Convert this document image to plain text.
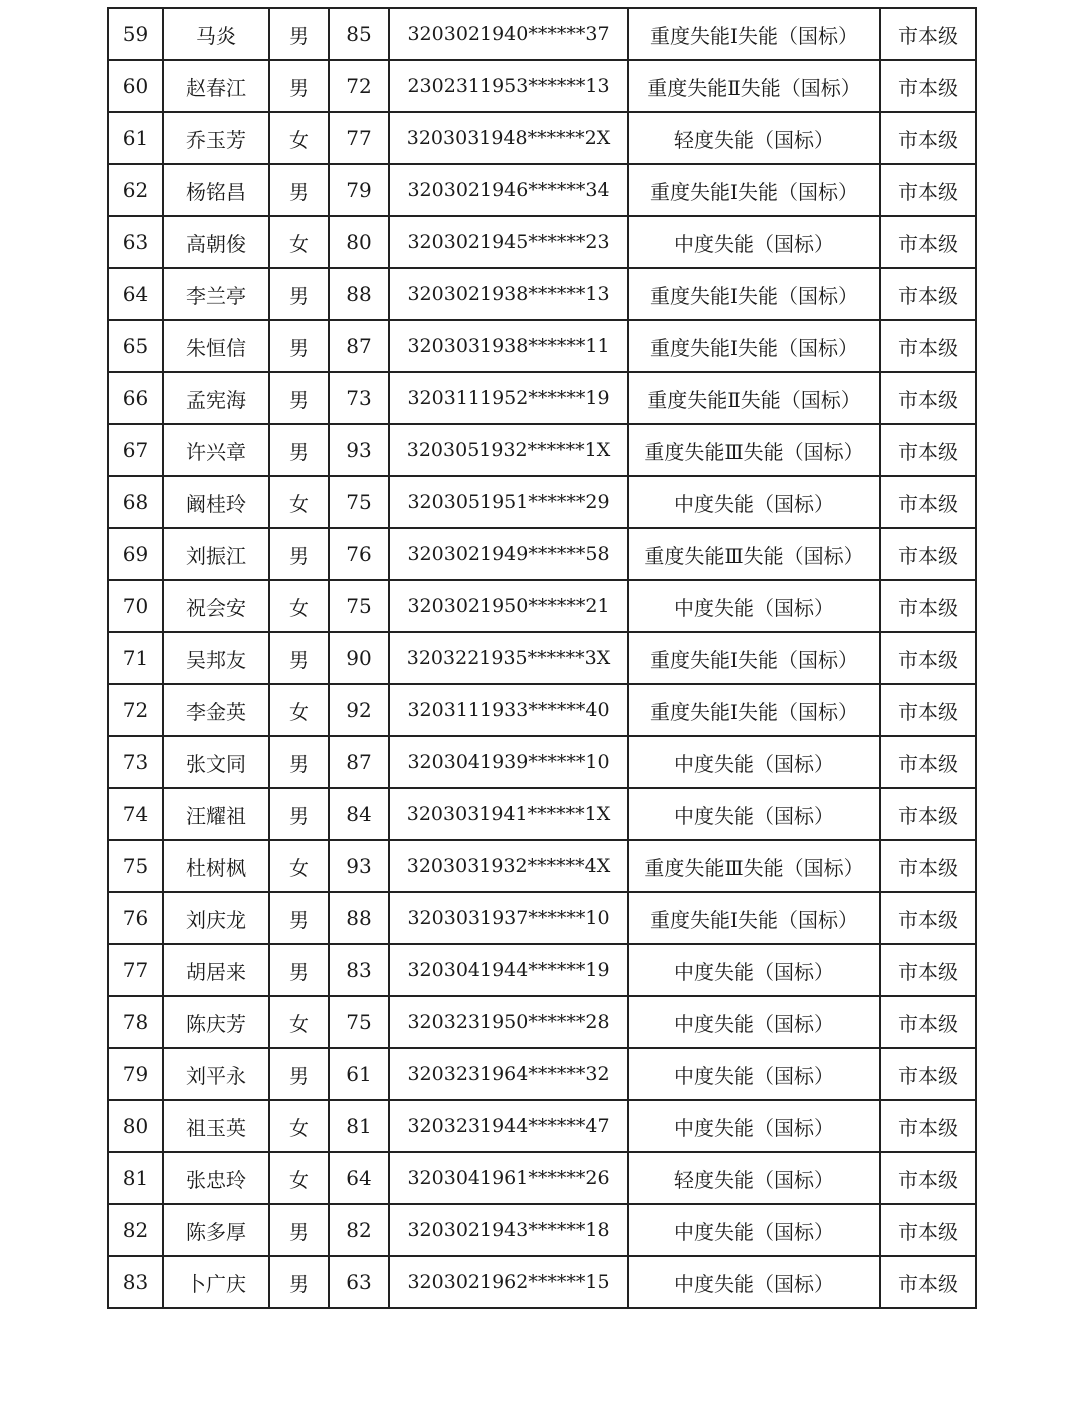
59	马炎	男	85	3203021940******37	重度失能Ⅰ失能（国标）	市本级
60	赵春江	男	72	2302311953******13	重度失能Ⅱ失能（国标）	市本级
61	乔玉芳	女	77	3203031948******2X	轻度失能（国标）	市本级
62	杨铭昌	男	79	3203021946******34	重度失能Ⅰ失能（国标）	市本级
63	高朝俊	女	80	3203021945******23	中度失能（国标）	市本级
64	李兰亭	男	88	3203021938******13	重度失能Ⅰ失能（国标）	市本级
65	朱恒信	男	87	3203031938******11	重度失能Ⅰ失能（国标）	市本级
66	孟宪海	男	73	3203111952******19	重度失能Ⅱ失能（国标）	市本级
67	许兴章	男	93	3203051932******1X	重度失能Ⅲ失能（国标）	市本级
68	阚桂玲	女	75	3203051951******29	中度失能（国标）	市本级
69	刘振江	男	76	3203021949******58	重度失能Ⅲ失能（国标）	市本级
70	祝会安	女	75	3203021950******21	中度失能（国标）	市本级
71	吴邦友	男	90	3203221935******3X	重度失能Ⅰ失能（国标）	市本级
72	李金英	女	92	3203111933******40	重度失能Ⅰ失能（国标）	市本级
73	张文同	男	87	3203041939******10	中度失能（国标）	市本级
74	汪耀祖	男	84	3203031941******1X	中度失能（国标）	市本级
75	杜树枫	女	93	3203031932******4X	重度失能Ⅲ失能（国标）	市本级
76	刘庆龙	男	88	3203031937******10	重度失能Ⅰ失能（国标）	市本级
77	胡居来	男	83	3203041944******19	中度失能（国标）	市本级
78	陈庆芳	女	75	3203231950******28	中度失能（国标）	市本级
79	刘平永	男	61	3203231964******32	中度失能（国标）	市本级
80	祖玉英	女	81	3203231944******47	中度失能（国标）	市本级
81	张忠玲	女	64	3203041961******26	轻度失能（国标）	市本级
82	陈多厚	男	82	3203021943******18	中度失能（国标）	市本级
83	卜广庆	男	63	3203021962******15	中度失能（国标）	市本级
